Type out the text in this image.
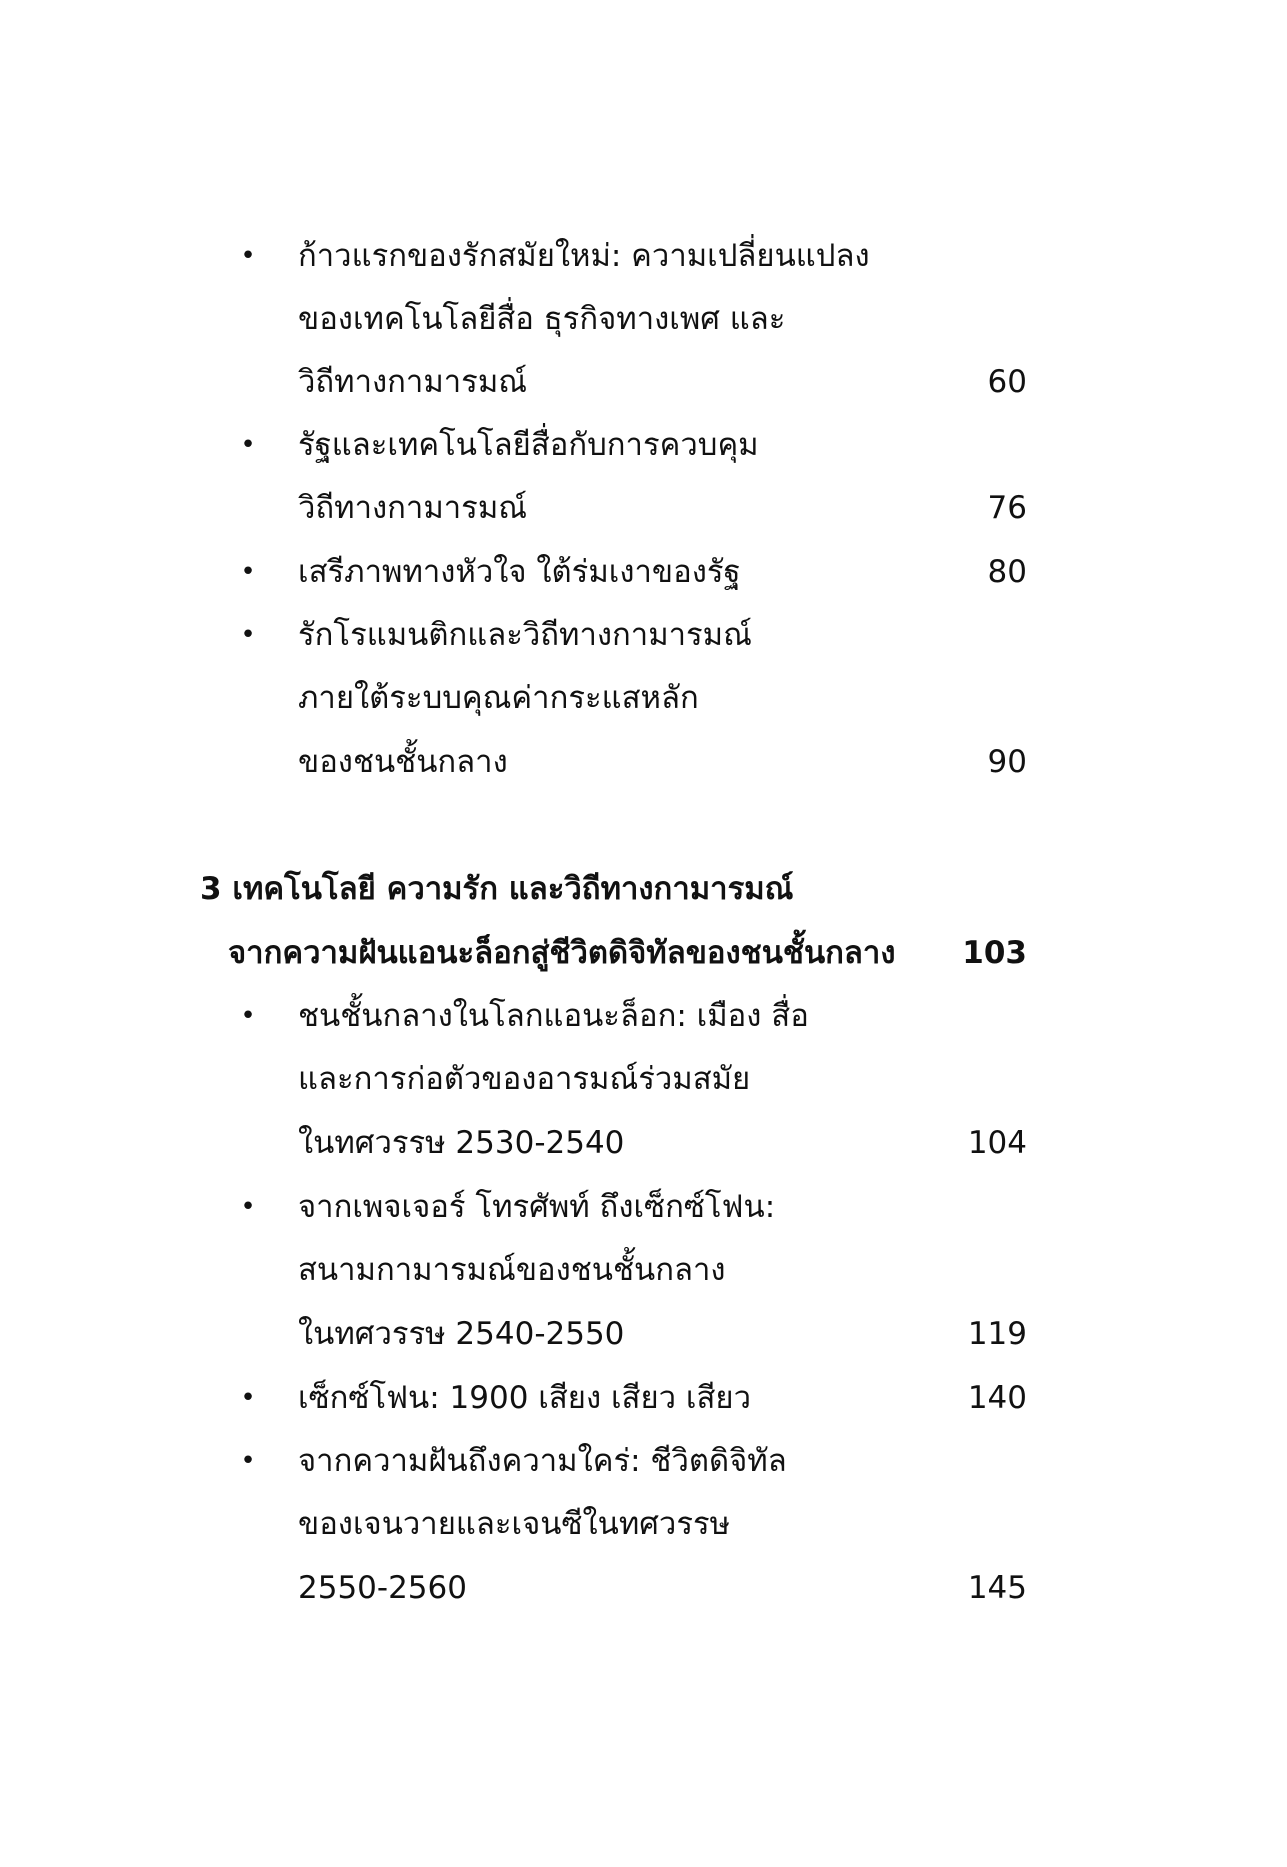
• ก้าวแรกของรักสมัยใหม่: ความเปลี่ยนแปลง
ของเทคโนโลยีสื่อ ธุรกิจทางเพศ และ
วิถีทางกามารมณ์	60
• รัฐและเทคโนโลยีสื่อกับการควบคุม
วิถีทางกามารมณ์	76
• เสรีภาพทางหัวใจ ใต้ร่มเงาของรัฐ	80
• รักโรแมนติกและวิถีทางกามารมณ์
ภายใต้ระบบคุณค่ากระแสหลัก
ของชนชั้นกลาง	90
3 เทคโนโลยี ความรัก และวิถีทางกามารมณ์
จากความฝันแอนะล็อกสู่ชีวิตดิจิทัลของชนชั้นกลาง 103
• ชนชั้นกลางในโลกแอนะล็อก: เมือง สื่อ
และการก่อตัวของอารมณ์ร่วมสมัย
ในทศวรรษ 2530-2540	104
• จากเพจเจอร์ โทรศัพท์ ถึงเซ็กซ์โฟน:
สนามกามารมณ์ของชนชั้นกลาง
ในทศวรรษ 2540-2550	119
• เซ็กซ์โฟน: 1900 เสียง เสียว เสียว	140
• จากความฝันถึงความใคร่: ชีวิตดิจิทัล
ของเจนวายและเจนซีในทศวรรษ
2550-2560	145
